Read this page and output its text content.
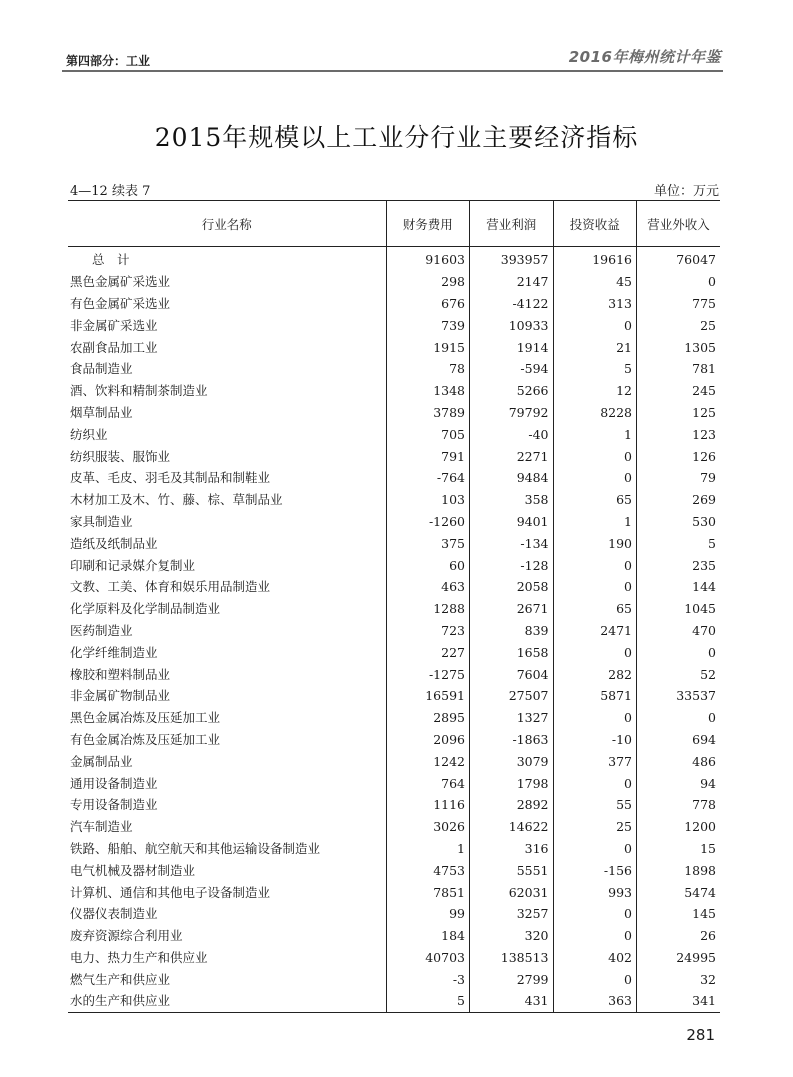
第四部分：工业	2016年梅州统计年鉴
2015年规模以上工业分行业主要经济指标
4—12 续表 7	单位：万元
行业名称	财务费用	营业利润	投资收益	营业外收入
总　计	91603	393957	19616	76047
黑色金属矿采选业	298	2147	45	0
有色金属矿采选业	676	-4122	313	775
非金属矿采选业	739	10933	0	25
农副食品加工业	1915	1914	21	1305
食品制造业	78	-594	5	781
酒、饮料和精制茶制造业	1348	5266	12	245
烟草制品业	3789	79792	8228	125
纺织业	705	-40	1	123
纺织服装、服饰业	791	2271	0	126
皮革、毛皮、羽毛及其制品和制鞋业	-764	9484	0	79
木材加工及木、竹、藤、棕、草制品业	103	358	65	269
家具制造业	-1260	9401	1	530
造纸及纸制品业	375	-134	190	5
印刷和记录媒介复制业	60	-128	0	235
文教、工美、体育和娱乐用品制造业	463	2058	0	144
化学原料及化学制品制造业	1288	2671	65	1045
医药制造业	723	839	2471	470
化学纤维制造业	227	1658	0	0
橡胶和塑料制品业	-1275	7604	282	52
非金属矿物制品业	16591	27507	5871	33537
黑色金属冶炼及压延加工业	2895	1327	0	0
有色金属冶炼及压延加工业	2096	-1863	-10	694
金属制品业	1242	3079	377	486
通用设备制造业	764	1798	0	94
专用设备制造业	1116	2892	55	778
汽车制造业	3026	14622	25	1200
铁路、船舶、航空航天和其他运输设备制造业	1	316	0	15
电气机械及器材制造业	4753	5551	-156	1898
计算机、通信和其他电子设备制造业	7851	62031	993	5474
仪器仪表制造业	99	3257	0	145
废弃资源综合利用业	184	320	0	26
电力、热力生产和供应业	40703	138513	402	24995
燃气生产和供应业	-3	2799	0	32
水的生产和供应业	5	431	363	341
281
